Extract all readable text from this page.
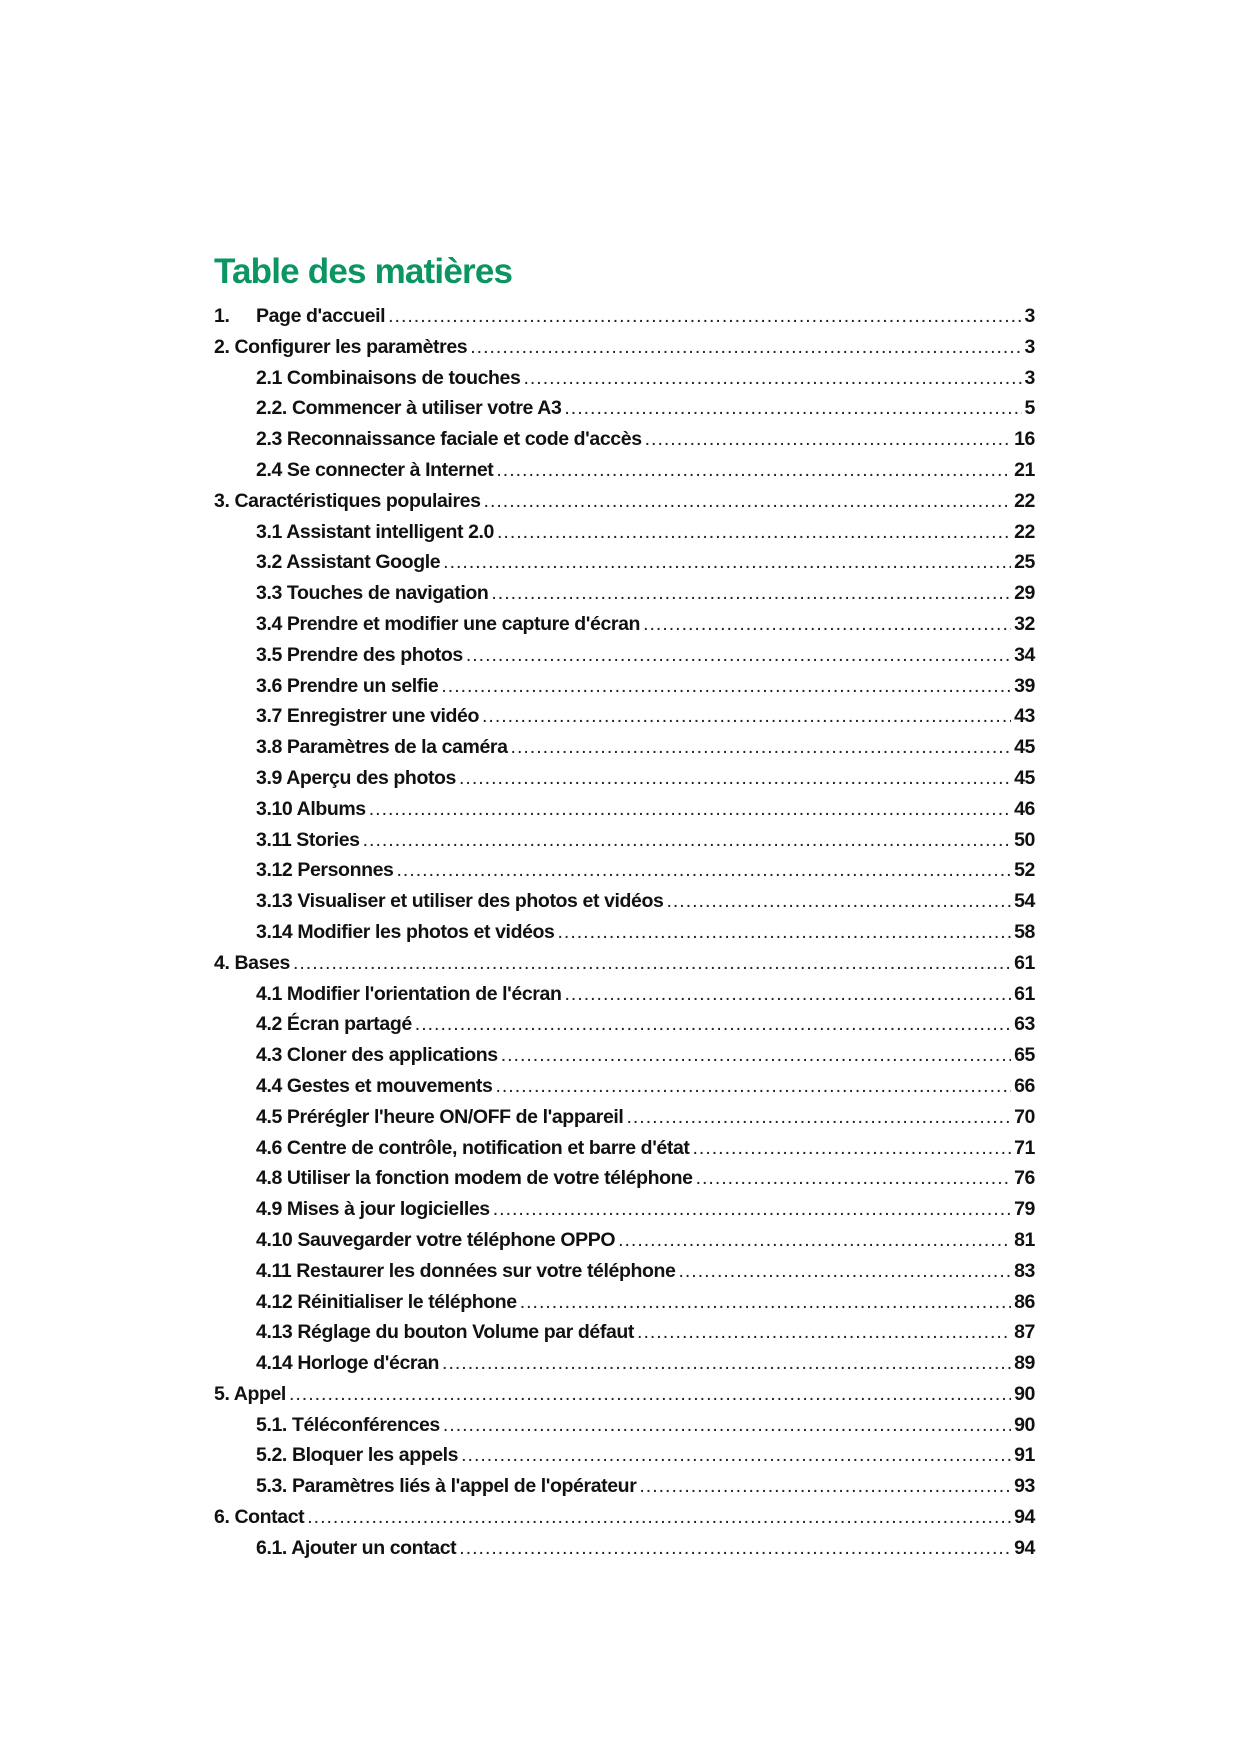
Table des matières
1.	Page d'accueil .....	3
2. Configurer les paramètres .....	3
2.1 Combinaisons de touches .....	3
2.2. Commencer à utiliser votre A3 .....	5
2.3 Reconnaissance faciale et code d'accès .....	16
2.4 Se connecter à Internet .....	21
3. Caractéristiques populaires .....	22
3.1 Assistant intelligent 2.0 .....	22
3.2 Assistant Google .....	25
3.3 Touches de navigation .....	29
3.4 Prendre et modifier une capture d'écran .....	32
3.5 Prendre des photos .....	34
3.6 Prendre un selfie .....	39
3.7 Enregistrer une vidéo .....	43
3.8 Paramètres de la caméra .....	45
3.9 Aperçu des photos .....	45
3.10 Albums .....	46
3.11 Stories .....	50
3.12 Personnes .....	52
3.13 Visualiser et utiliser des photos et vidéos .....	54
3.14 Modifier les photos et vidéos .....	58
4. Bases .....	61
4.1 Modifier l'orientation de l'écran .....	61
4.2 Écran partagé .....	63
4.3 Cloner des applications .....	65
4.4 Gestes et mouvements .....	66
4.5 Prérégler l'heure ON/OFF de l'appareil .....	70
4.6 Centre de contrôle, notification et barre d'état .....	71
4.8 Utiliser la fonction modem de votre téléphone .....	76
4.9 Mises à jour logicielles .....	79
4.10 Sauvegarder votre téléphone OPPO .....	81
4.11 Restaurer les données sur votre téléphone .....	83
4.12 Réinitialiser le téléphone .....	86
4.13 Réglage du bouton Volume par défaut .....	87
4.14 Horloge d'écran .....	89
5. Appel .....	90
5.1. Téléconférences .....	90
5.2. Bloquer les appels .....	91
5.3. Paramètres liés à l'appel de l'opérateur .....	93
6. Contact .....	94
6.1. Ajouter un contact .....	94
